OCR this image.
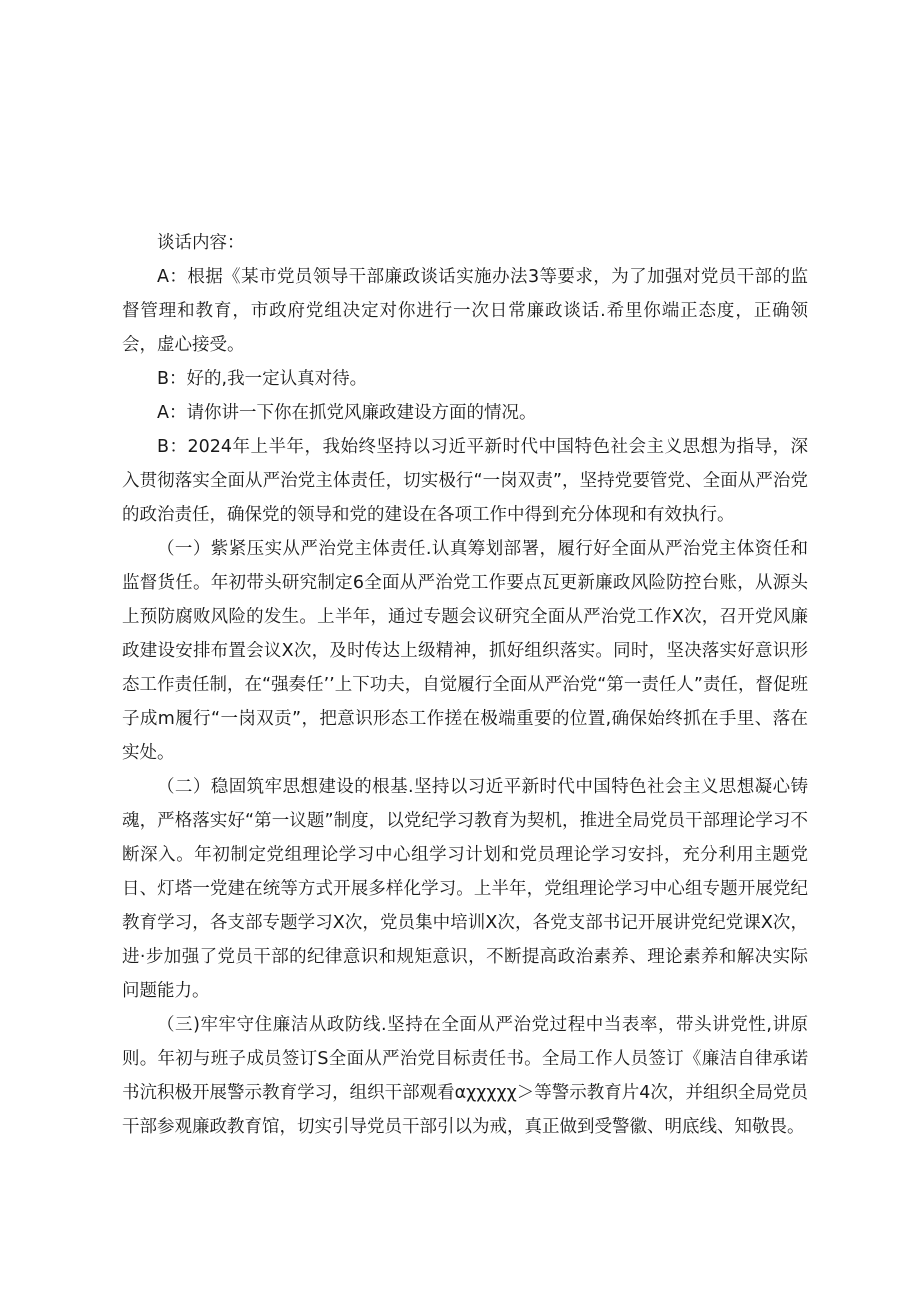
谈话内容：

A：根据《某市党员领导干部廉政谈话实施办法3等要求，为了加强对党员干部的监督管理和教育，市政府党组决定对你进行一次日常廉政谈话.希里你端正态度，正确领会，虚心接受。

B：好的,我一定认真对待。

A：请你讲一下你在抓党风廉政建设方面的情况。

B：2024年上半年，我始终坚持以习近平新时代中国特色社会主义思想为指导，深入贯彻落实全面从严治党主体责任，切实极行“一岗双责”，坚持党要管党、全面从严治党的政治责任，确保党的领导和党的建设在各项工作中得到充分体现和有效执行。

（一）紫紧压实从严治党主体责任.认真筹划部署，履行好全面从严治党主体资任和监督货任。年初带头研究制定6全面从严治党工作要点瓦更新廉政风险防控台账，从源头上预防腐败风险的发生。上半年，通过专题会议研究全面从严治党工作X次，召开党风廉政建设安排布置会议X次，及时传达上级精神，抓好组织落实。同时，坚决落实好意识形态工作责任制，在“强奏任’’上下功夫，自觉履行全面从严治党“第一责任人”责任，督促班子成m履行“一岗双贡”，把意识形态工作搓在极端重要的位置,确保始终抓在手里、落在实处。

（二）稳固筑牢思想建设的根基.坚持以习近平新时代中国特色社会主义思想凝心铸魂，严格落实好“第一议题”制度，以党纪学习教育为契机，推进全局党员干部理论学习不断深入。年初制定党组理论学习中心组学习计划和党员理论学习安抖，充分利用主题党日、灯塔一党建在统等方式开展多样化学习。上半年，党组理论学习中心组专题开展党纪教育学习，各支部专题学习X次，党员集中培训X次，各党支部书记开展讲党纪党课X次，进·步加强了党员干部的纪律意识和规矩意识，不断提高政治素养、理论素养和解决实际问题能力。

（三)牢牢守住廉洁从政防线.坚持在全面从严治党过程中当表率，带头讲党性,讲原则。年初与班子成员签订S全面从严治党目标责任书。全局工作人员签订《廉洁自律承诺书沆积极开展警示教育学习，组织干部观看αχχχχχ＞等警示教育片4次，并组织全局党员干部参观廉政教育馆，切实引导党员干部引以为戒，真正做到受警徽、明底线、知敬畏。
